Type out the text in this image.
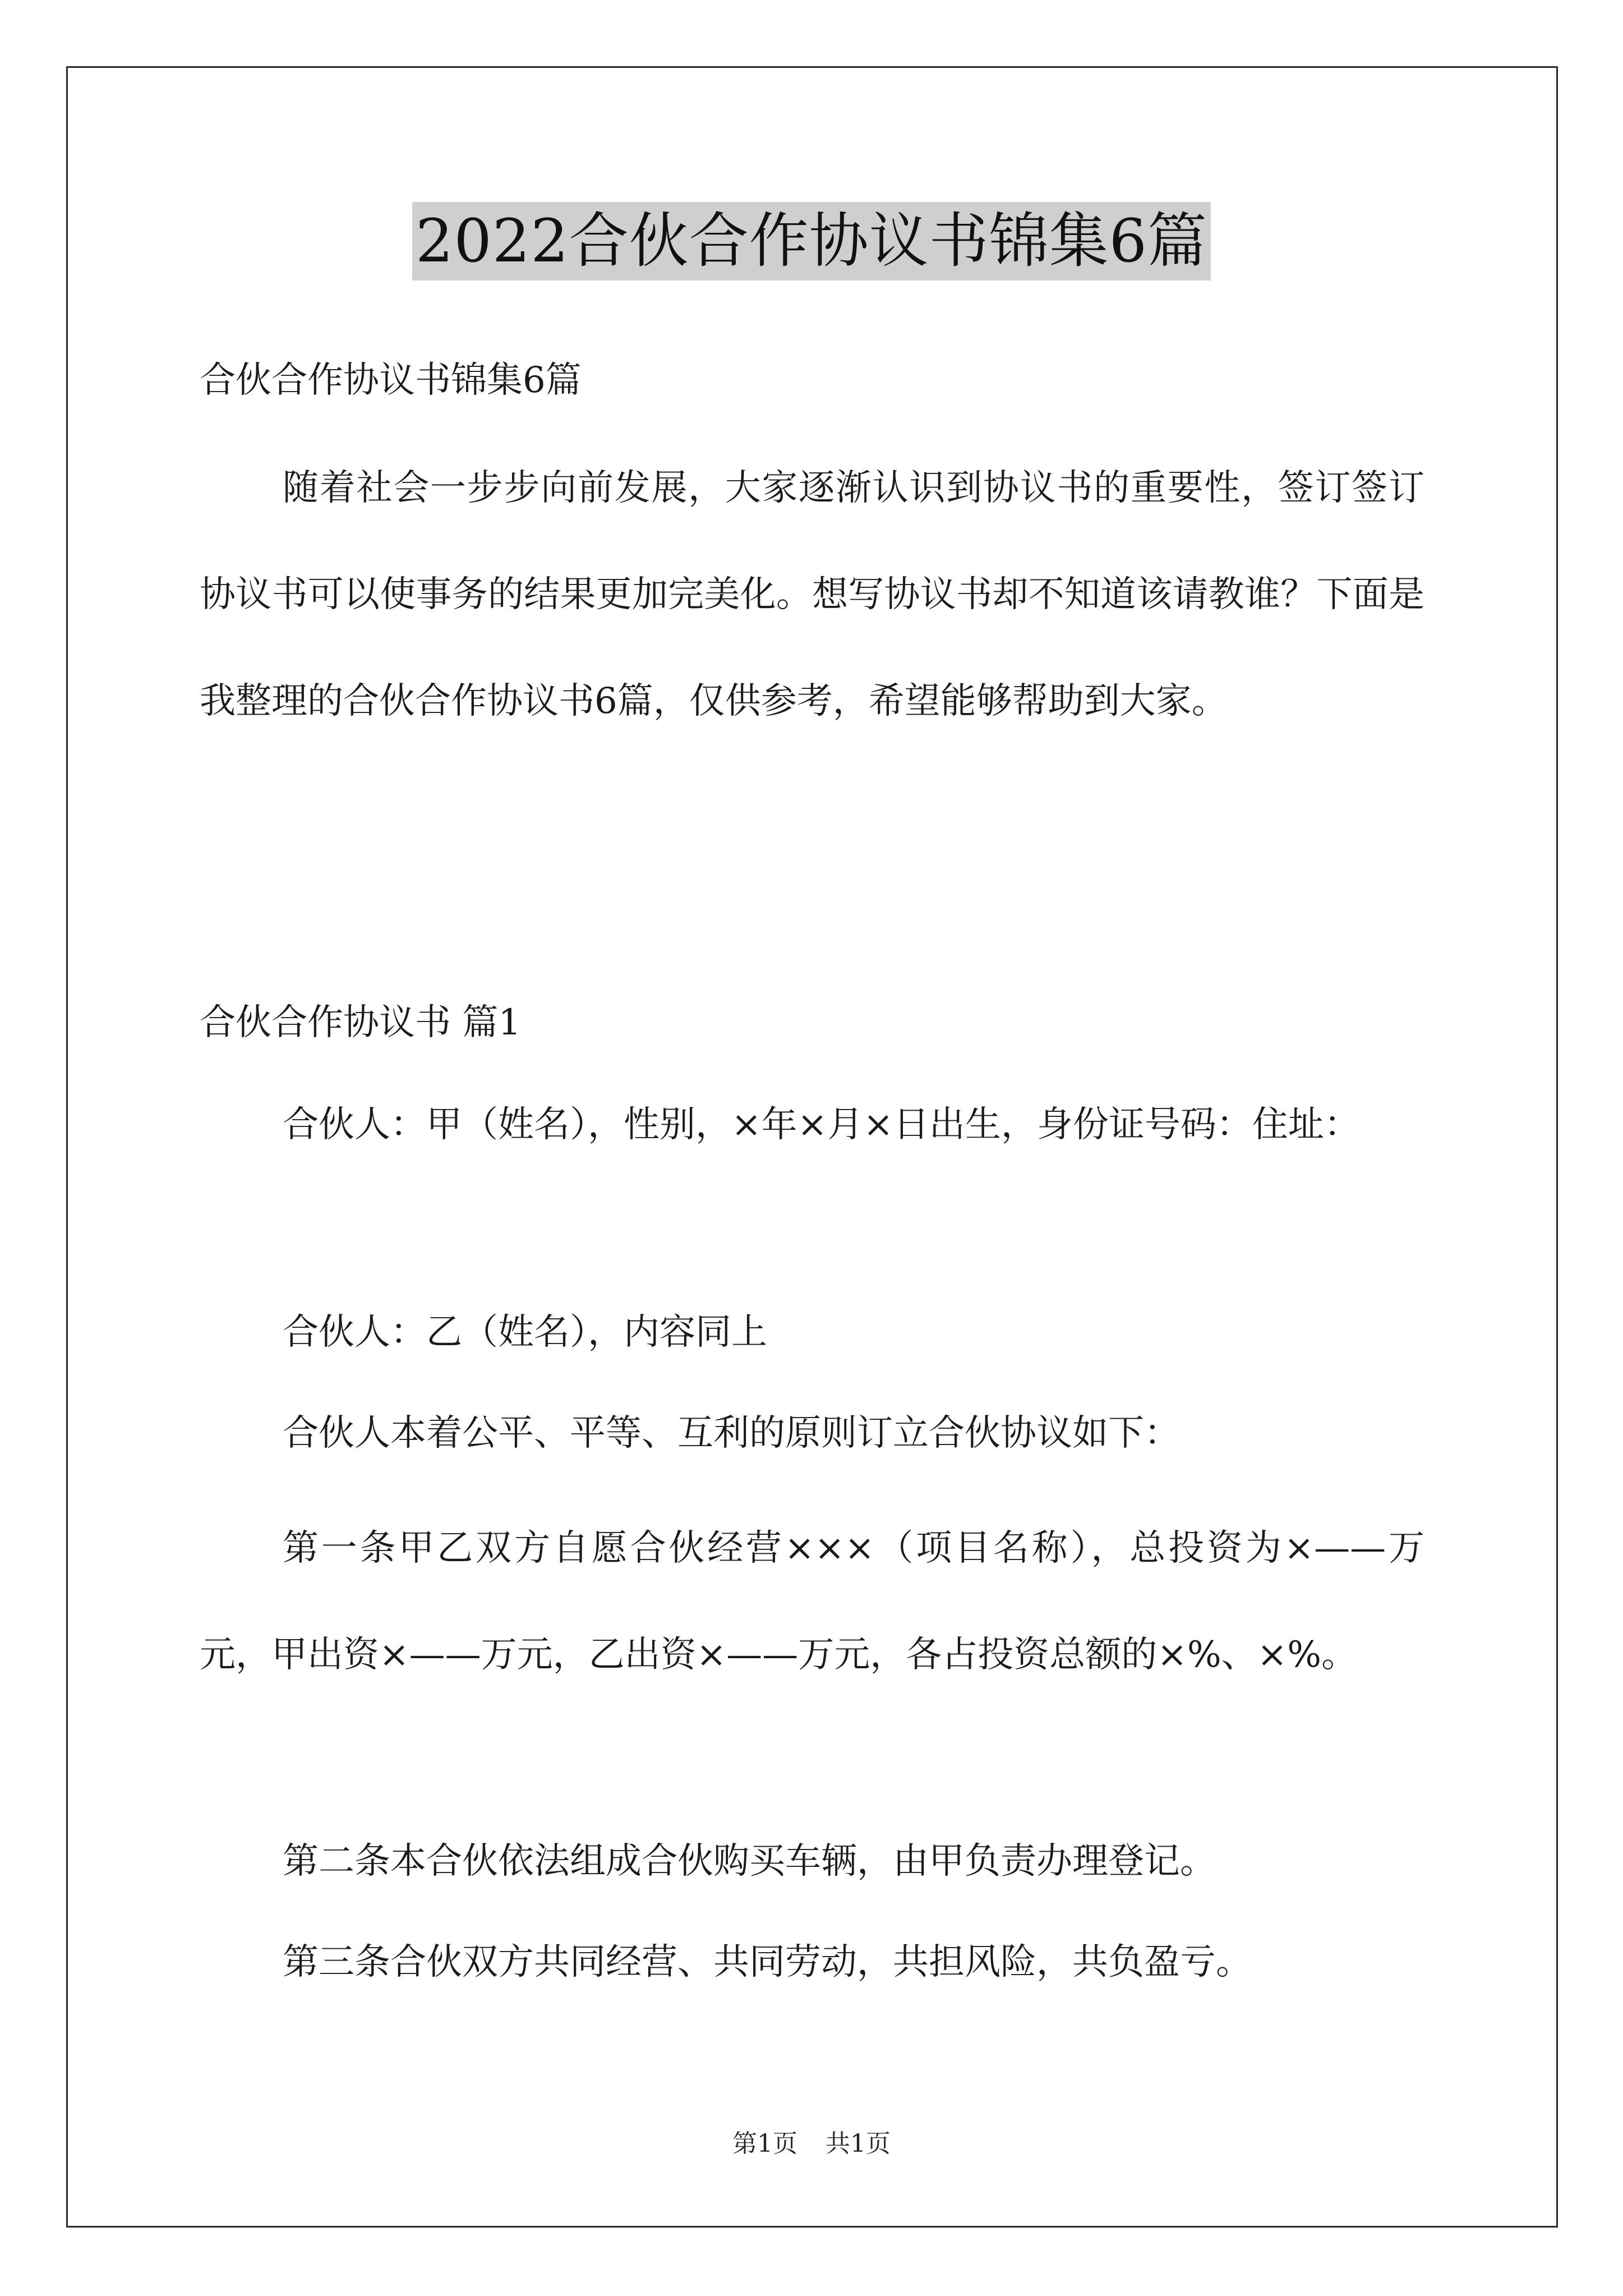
2022合伙合作协议书锦集6篇
合伙合作协议书锦集6篇
随着社会一步步向前发展，大家逐渐认识到协议书的重要性，签订签订协议书可以使事务的结果更加完美化。想写协议书却不知道该请教谁？下面是我整理的合伙合作协议书6篇，仅供参考，希望能够帮助到大家。
合伙合作协议书 篇1
合伙人：甲（姓名），性别，×年×月×日出生，身份证号码：住址：
合伙人：乙（姓名），内容同上
合伙人本着公平、平等、互利的原则订立合伙协议如下：
第一条甲乙双方自愿合伙经营×××（项目名称），总投资为×——万元，甲出资×——万元，乙出资×——万元，各占投资总额的×%、×%。
第二条本合伙依法组成合伙购买车辆，由甲负责办理登记。
第三条合伙双方共同经营、共同劳动，共担风险，共负盈亏。
第1页 共1页
